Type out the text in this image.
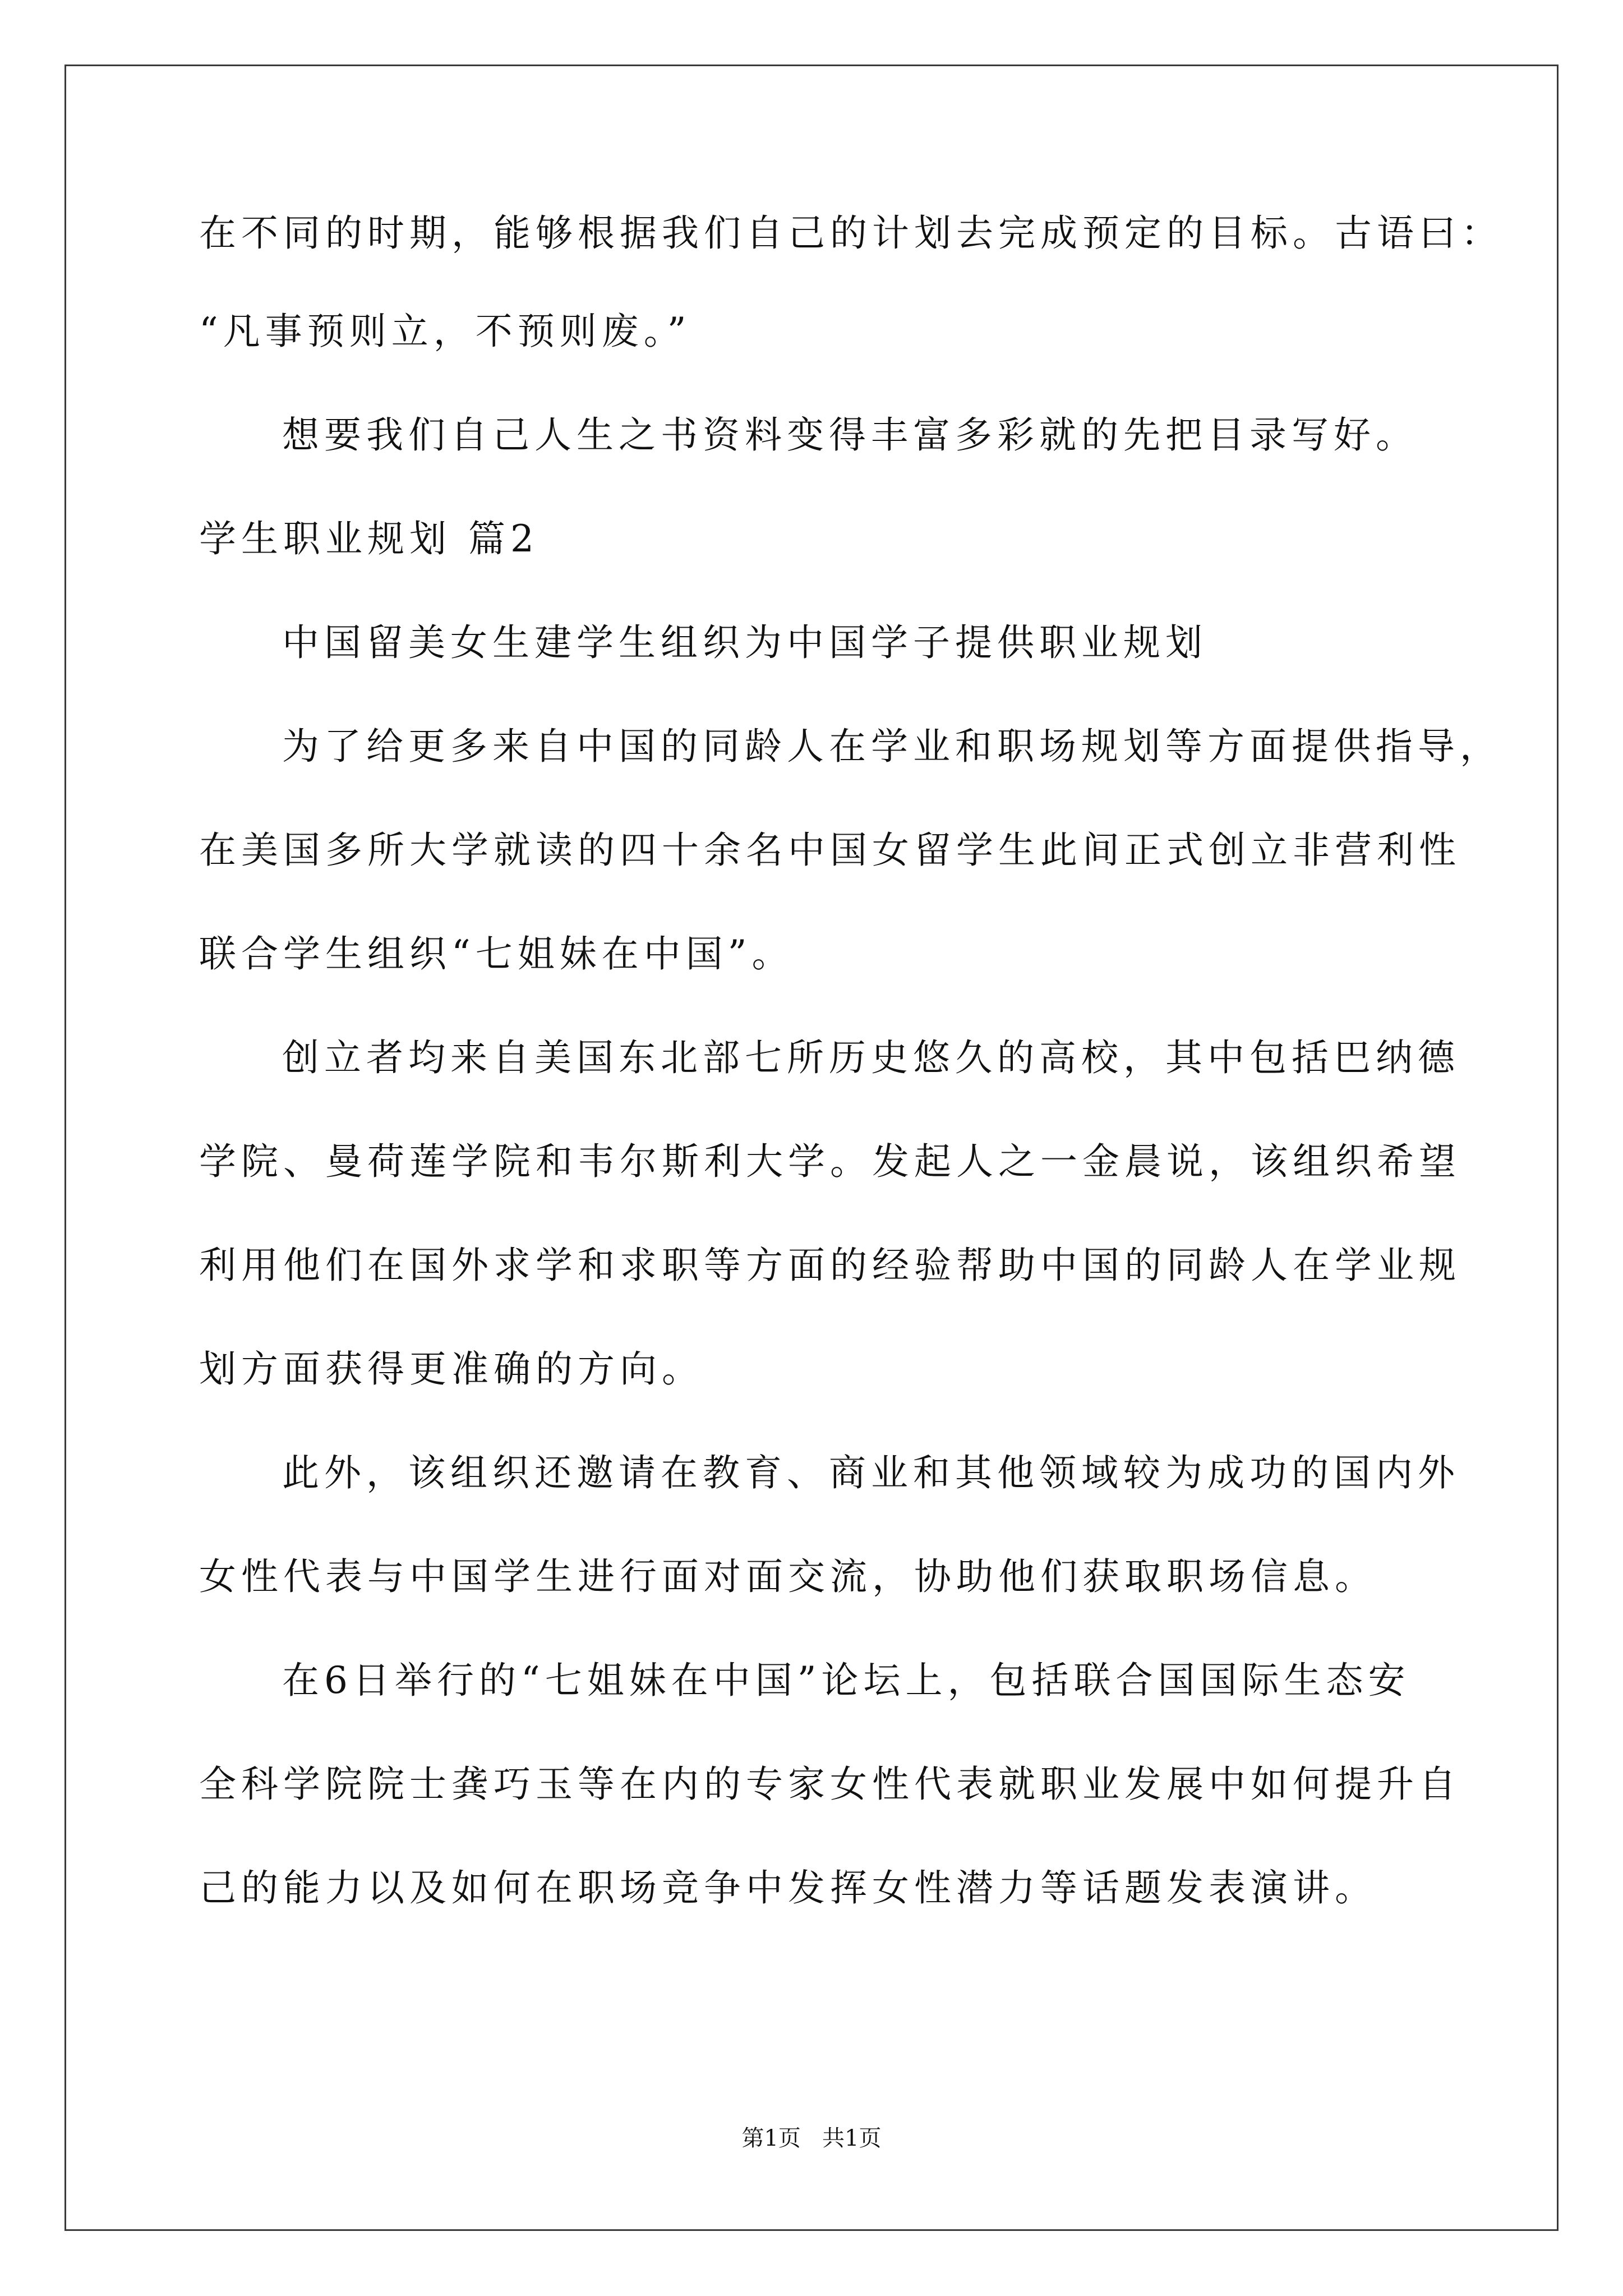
在不同的时期，能够根据我们自己的计划去完成预定的目标。古语曰：
“凡事预则立，不预则废。”
想要我们自己人生之书资料变得丰富多彩就的先把目录写好。
学生职业规划 篇2
中国留美女生建学生组织为中国学子提供职业规划
为了给更多来自中国的同龄人在学业和职场规划等方面提供指导，
在美国多所大学就读的四十余名中国女留学生此间正式创立非营利性
联合学生组织“七姐妹在中国”。
创立者均来自美国东北部七所历史悠久的高校，其中包括巴纳德
学院、曼荷莲学院和韦尔斯利大学。发起人之一金晨说，该组织希望
利用他们在国外求学和求职等方面的经验帮助中国的同龄人在学业规
划方面获得更准确的方向。
此外，该组织还邀请在教育、商业和其他领域较为成功的国内外
女性代表与中国学生进行面对面交流，协助他们获取职场信息。
在6日举行的“七姐妹在中国”论坛上，包括联合国国际生态安
全科学院院士龚巧玉等在内的专家女性代表就职业发展中如何提升自
己的能力以及如何在职场竞争中发挥女性潜力等话题发表演讲。
第1页   共1页
